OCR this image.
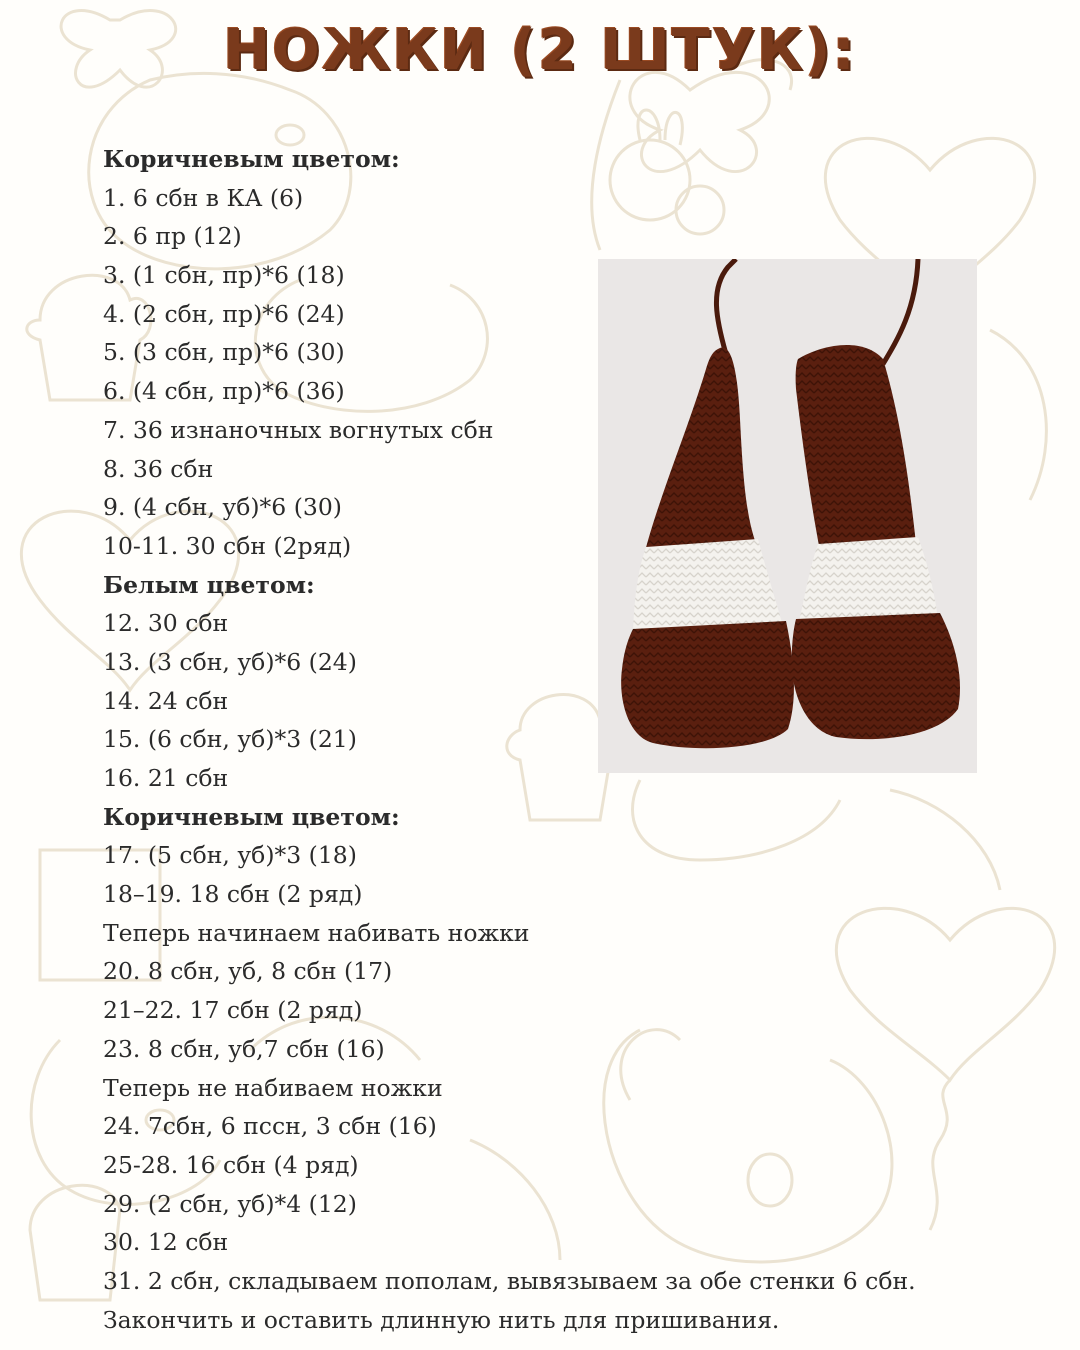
НОЖКИ (2 ШТУК):
Коричневым цветом:
1. 6 сбн в КА (6)
2. 6 пр (12)
3. (1 сбн, пр)*6 (18)
4. (2 сбн, пр)*6 (24)
5. (3 сбн, пр)*6 (30)
6. (4 сбн, пр)*6 (36)
7. 36 изнаночных вогнутых сбн
8. 36 сбн
9. (4 сбн, уб)*6 (30)
10-11. 30 сбн (2ряд)
Белым цветом:
12. 30 сбн
13. (3 сбн, уб)*6 (24)
14. 24 сбн
15. (6 сбн, уб)*3 (21)
16. 21 сбн
Коричневым цветом:
17. (5 сбн, уб)*3 (18)
18–19. 18 сбн (2 ряд)
Теперь начинаем набивать ножки
20. 8 сбн, уб, 8 сбн (17)
21–22. 17 сбн (2 ряд)
23. 8 сбн, уб,7 сбн (16)
Теперь не набиваем ножки
24. 7сбн, 6 пссн, 3 сбн (16)
25-28. 16 сбн (4 ряд)
29. (2 сбн, уб)*4 (12)
30. 12 сбн
31. 2 сбн, складываем пополам, вывязываем за обе стенки 6 сбн.
Закончить и оставить длинную нить для пришивания.
